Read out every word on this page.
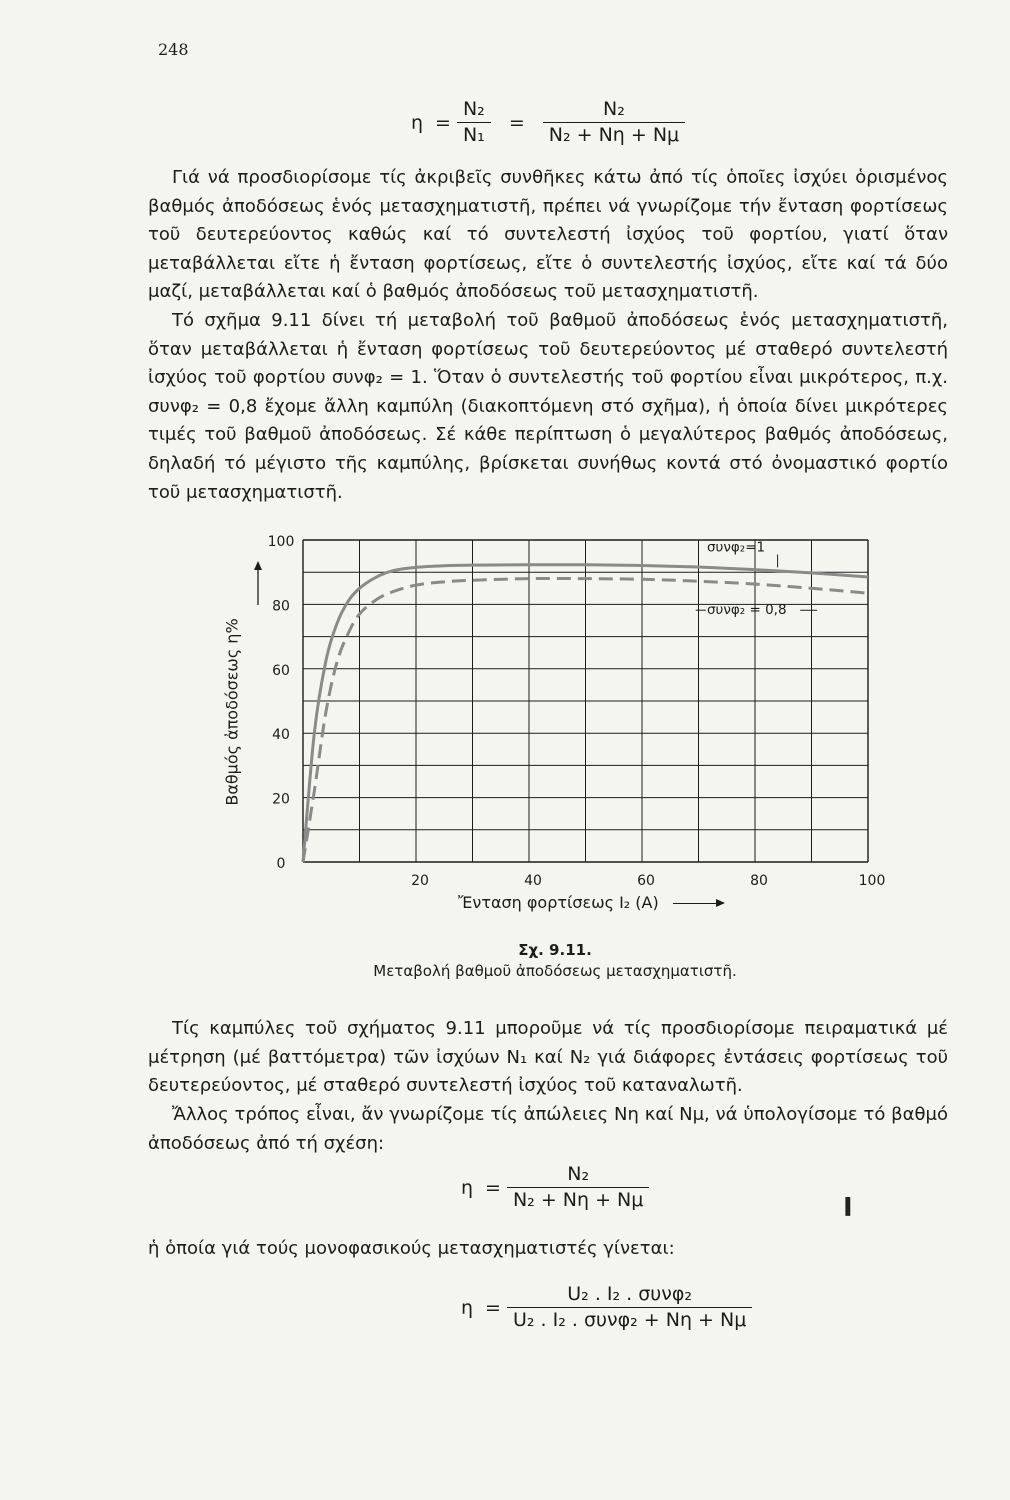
248
$\eta = \frac{\text{N₂}}{\text{N₁}} = \frac{\text{N₂}}{\text{N₂ + Nη + Nμ}}$

Γιά νά προσδιορίσομε τίς ἀκριβεῖς συνθῆκες κάτω ἀπό τίς ὁποῖες ἰσχύει ὁρισμένος βαθμός ἀποδόσεως ἑνός μετασχηματιστῆ, πρέπει νά γνωρίζομε τήν ἔνταση φορτίσεως τοῦ δευτερεύοντος καθώς καί τό συντελεστή ἰσχύος τοῦ φορτίου, γιατί ὅταν μεταβάλλεται εἴτε ἡ ἔνταση φορτίσεως, εἴτε ὁ συντελεστής ἰσχύος, εἴτε καί τά δύο μαζί, μεταβάλλεται καί ὁ βαθμός ἀποδόσεως τοῦ μετασχηματιστῆ.

Τό σχῆμα 9.11 δίνει τή μεταβολή τοῦ βαθμοῦ ἀποδόσεως ἑνός μετασχηματιστῆ, ὅταν μεταβάλλεται ἡ ἔνταση φορτίσεως τοῦ δευτερεύοντος μέ σταθερό συντελεστή ἰσχύος τοῦ φορτίου συνφ₂ = 1. Ὅταν ὁ συντελεστής τοῦ φορτίου εἶναι μικρότερος, π.χ. συνφ₂ = 0,8 ἔχομε ἄλλη καμπύλη (διακοπτόμενη στό σχῆμα), ἡ ὁποία δίνει μικρότερες τιμές τοῦ βαθμοῦ ἀποδόσεως. Σέ κάθε περίπτωση ὁ μεγαλύτερος βαθμός ἀποδόσεως, δηλαδή τό μέγιστο τῆς καμπύλης, βρίσκεται συνήθως κοντά στό ὀνομαστικό φορτίο τοῦ μετασχηματιστῆ.

0
20
40
60
80
100
20	40	60	80	100
συνφ₂=1
συνφ₂ = 0,8
Βαθμός ἀποδόσεως η%
Ἔνταση φορτίσεως I₂ (A)
Σχ. 9.11.
Μεταβολή βαθμοῦ ἀποδόσεως μετασχηματιστῆ.

Τίς καμπύλες τοῦ σχήματος 9.11 μποροῦμε νά τίς προσδιορίσομε πειραματικά μέ μέτρηση (μέ βαττόμετρα) τῶν ἰσχύων N₁ καί N₂ γιά διάφορες ἐντάσεις φορτίσεως τοῦ δευτερεύοντος, μέ σταθερό συντελεστή ἰσχύος τοῦ καταναλωτῆ.

Ἄλλος τρόπος εἶναι, ἄν γνωρίζομε τίς ἀπώλειες Nη καί Nμ, νά ὑπολογίσομε τό βαθμό ἀποδόσεως ἀπό τή σχέση:

$\eta = \frac{\text{N₂}}{\text{N₂ + Nη + Nμ}}$

ἡ ὁποία γιά τούς μονοφασικούς μετασχηματιστές γίνεται:

$\eta = \frac{\text{U₂ . I₂ . συνφ₂}}{\text{U₂ . I₂ . συνφ₂ + Nη + Nμ}}$
Ι
